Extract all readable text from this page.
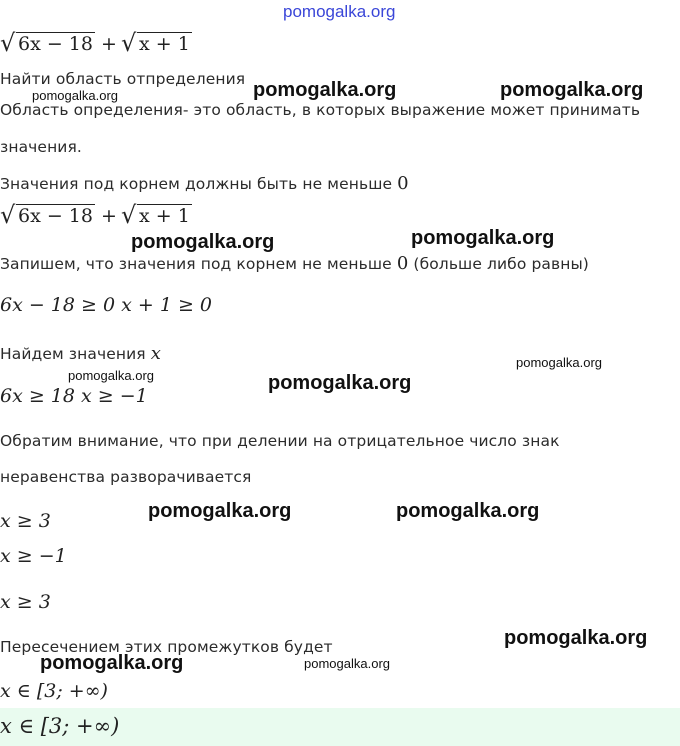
pomogalka.org
√ 6x − 18 + √ x + 1
Найти область отпределения
pomogalka.org	pomogalka.org	pomogalka.org
Область определения- это область, в которых выражение может принимать
значения.
Значения под корнем должны быть не меньше 0
√ 6x − 18 + √ x + 1
pomogalka.org	pomogalka.org
Запишем, что значения под корнем не меньше 0 (больше либо равны)
6x − 18 ≥ 0 x + 1 ≥ 0
Найдем значения x	pomogalka.org
pomogalka.org	pomogalka.org
6x ≥ 18 x ≥ −1
Обратим внимание, что при делении на отрицательное число знак
неравенства разворачивается
x ≥ 3	pomogalka.org	pomogalka.org
x ≥ −1
x ≥ 3
Пересечением этих промежутков будет	pomogalka.org
pomogalka.org	pomogalka.org
x ∈ [3; +∞)
x ∈ [3; +∞)
